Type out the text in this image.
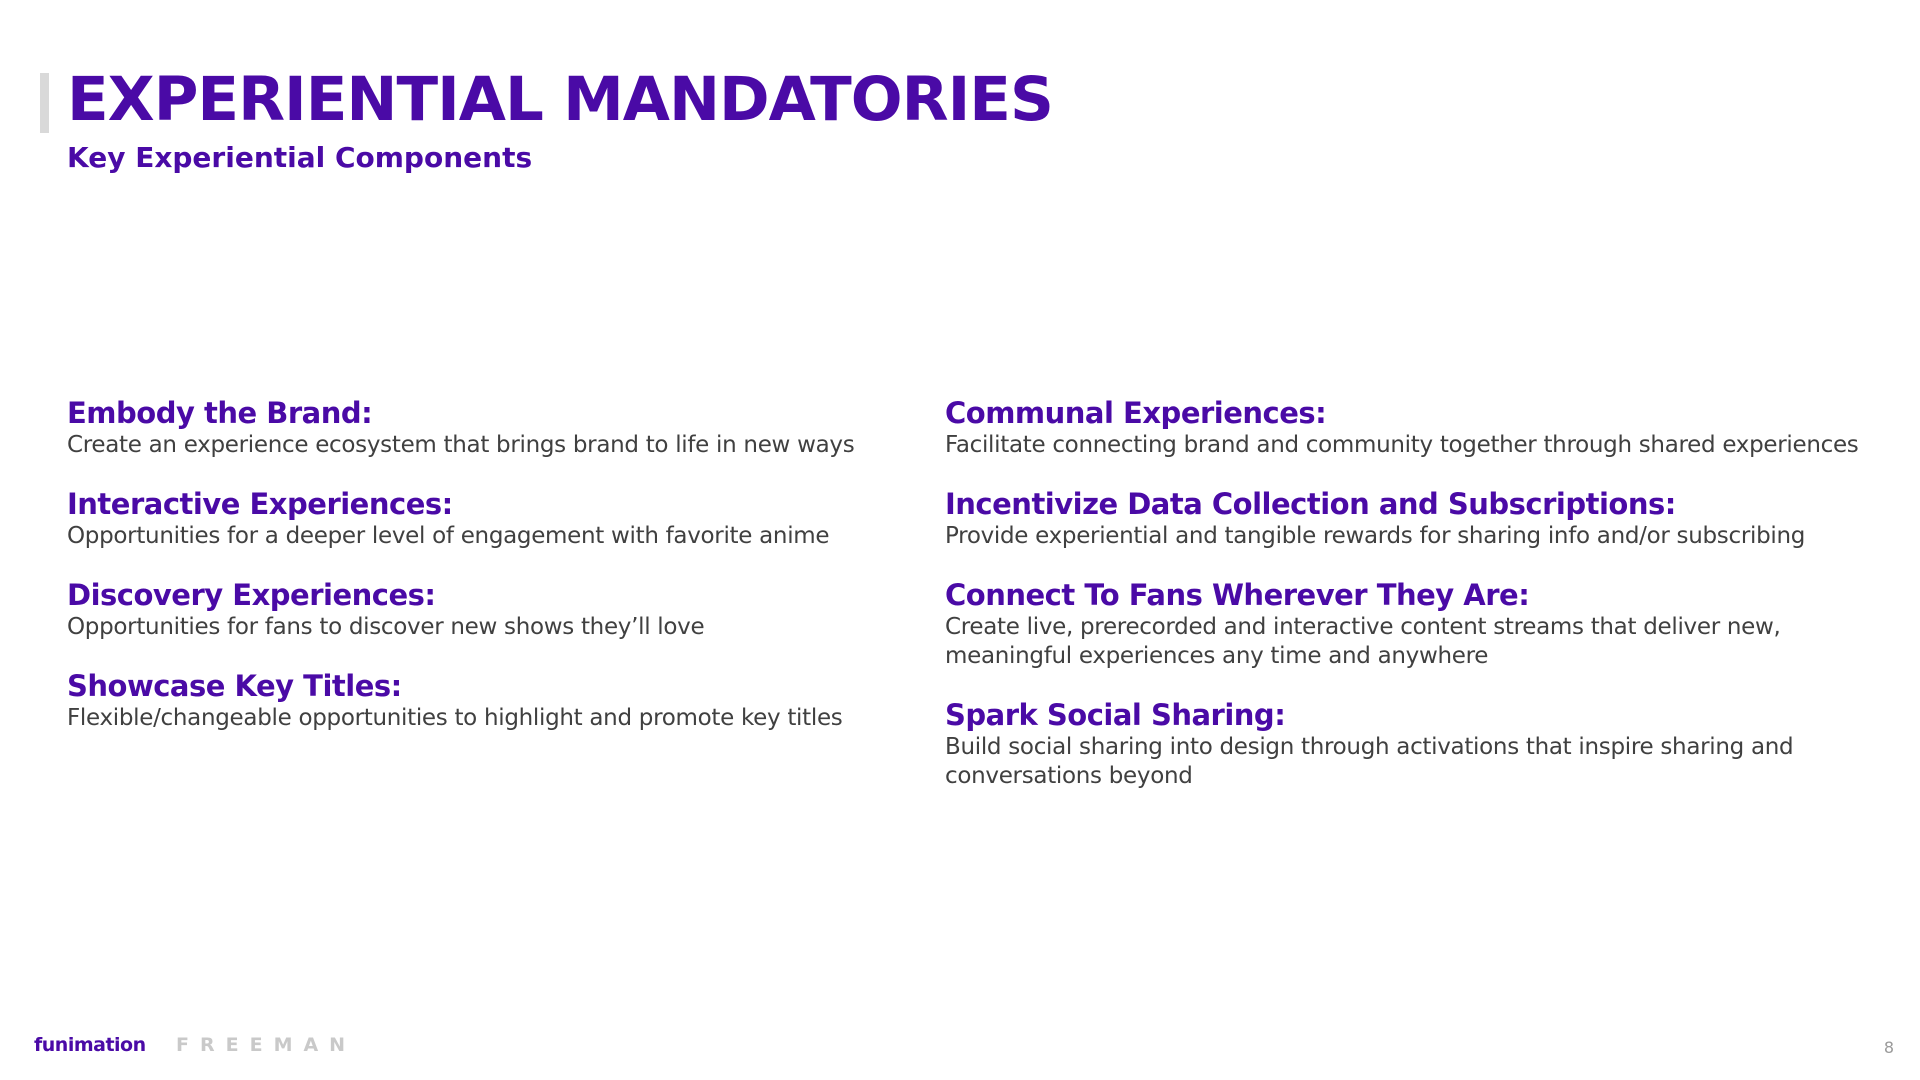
EXPERIENTIAL MANDATORIES
Key Experiential Components
Embody the Brand:
Create an experience ecosystem that brings brand to life in new ways
Interactive Experiences:
Opportunities for a deeper level of engagement with favorite anime
Discovery Experiences:
Opportunities for fans to discover new shows they’ll love
Showcase Key Titles:
Flexible/changeable opportunities to highlight and promote key titles
Communal Experiences:
Facilitate connecting brand and community together through shared experiences
Incentivize Data Collection and Subscriptions:
Provide experiential and tangible rewards for sharing info and/or subscribing
Connect To Fans Wherever They Are:
Create live, prerecorded and interactive content streams that deliver new, meaningful experiences any time and anywhere
Spark Social Sharing:
Build social sharing into design through activations that inspire sharing and conversations beyond
funimation FREEMAN	8
